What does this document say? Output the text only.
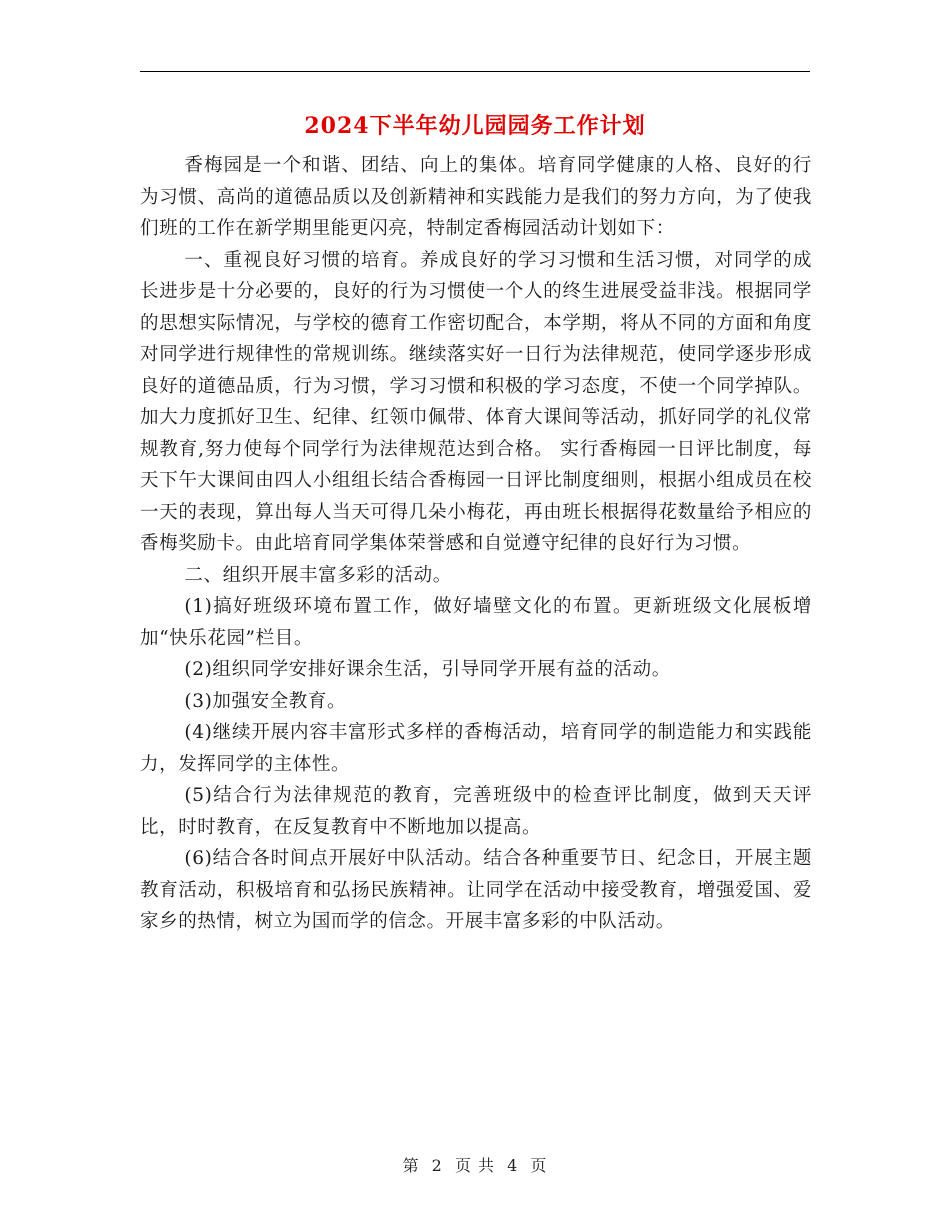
2024下半年幼儿园园务工作计划

香梅园是一个和谐、团结、向上的集体。培育同学健康的人格、良好的行为习惯、高尚的道德品质以及创新精神和实践能力是我们的努力方向，为了使我们班的工作在新学期里能更闪亮，特制定香梅园活动计划如下：

一、重视良好习惯的培育。养成良好的学习习惯和生活习惯，对同学的成长进步是十分必要的，良好的行为习惯使一个人的终生进展受益非浅。根据同学的思想实际情况，与学校的德育工作密切配合，本学期，将从不同的方面和角度对同学进行规律性的常规训练。继续落实好一日行为法律规范，使同学逐步形成良好的道德品质，行为习惯，学习习惯和积极的学习态度，不使一个同学掉队。加大力度抓好卫生、纪律、红领巾佩带、体育大课间等活动，抓好同学的礼仪常规教育,努力使每个同学行为法律规范达到合格。 实行香梅园一日评比制度，每天下午大课间由四人小组组长结合香梅园一日评比制度细则，根据小组成员在校一天的表现，算出每人当天可得几朵小梅花，再由班长根据得花数量给予相应的香梅奖励卡。由此培育同学集体荣誉感和自觉遵守纪律的良好行为习惯。

二、组织开展丰富多彩的活动。

(1)搞好班级环境布置工作，做好墙壁文化的布置。更新班级文化展板增加“快乐花园”栏目。

(2)组织同学安排好课余生活，引导同学开展有益的活动。

(3)加强安全教育。

(4)继续开展内容丰富形式多样的香梅活动，培育同学的制造能力和实践能力，发挥同学的主体性。

(5)结合行为法律规范的教育，完善班级中的检查评比制度，做到天天评比，时时教育，在反复教育中不断地加以提高。

(6)结合各时间点开展好中队活动。结合各种重要节日、纪念日，开展主题教育活动，积极培育和弘扬民族精神。让同学在活动中接受教育，增强爱国、爱家乡的热情，树立为国而学的信念。开展丰富多彩的中队活动。

第 2 页 共 4 页
